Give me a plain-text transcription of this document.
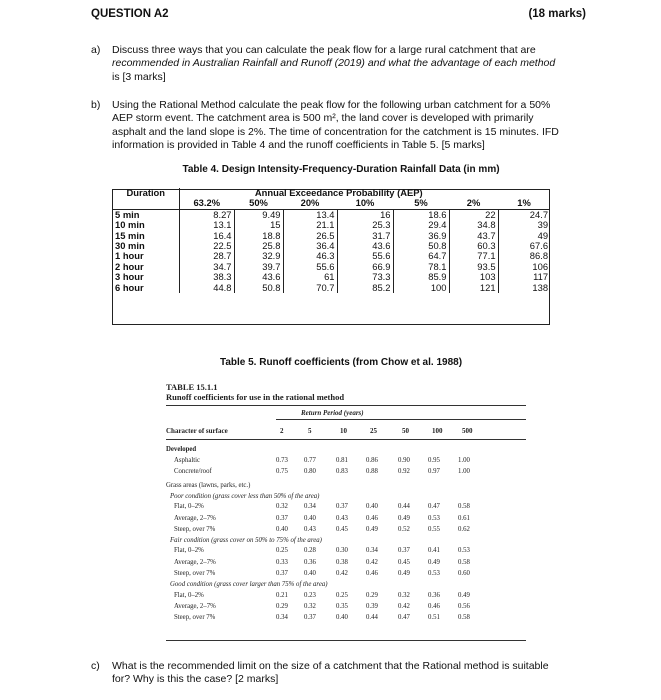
QUESTION A2	(18 marks)
a) Discuss three ways that you can calculate the peak flow for a large rural catchment that are
recommended in Australian Rainfall and Runoff (2019) and what the advantage of each method
is [3 marks]
b) Using the Rational Method calculate the peak flow for the following urban catchment for a 50%
AEP storm event. The catchment area is 500 m², the land cover is developed with primarily
asphalt and the land slope is 2%. The time of concentration for the catchment is 15 minutes. IFD
information is provided in Table 4 and the runoff coefficients in Table 5. [5 marks]
Table 4. Design Intensity-Frequency-Duration Rainfall Data (in mm)
Duration	Annual Exceedance Probability (AEP)						
	63.2%	50%	20%	10%	5%	2%	1%
5 min	8.27	9.49	13.4	16	18.6	22	24.7
10 min	13.1	15	21.1	25.3	29.4	34.8	39
15 min	16.4	18.8	26.5	31.7	36.9	43.7	49
30 min	22.5	25.8	36.4	43.6	50.8	60.3	67.6
1 hour	28.7	32.9	46.3	55.6	64.7	77.1	86.8
2 hour	34.7	39.7	55.6	66.9	78.1	93.5	106
3 hour	38.3	43.6	61	73.3	85.9	103	117
6 hour	44.8	50.8	70.7	85.2	100	121	138
Table 5. Runoff coefficients (from Chow et al. 1988)
TABLE 15.1.1
Runoff coefficients for use in the rational method
Return Period (years)
Character of surface	2	5	10	25	50	100	500
Developed
Asphaltic	0.73 0.77	0.81	0.86	0.90	0.95	1.00
Concrete/roof	0.75 0.80	0.83	0.88	0.92	0.97	1.00
Grass areas (lawns, parks, etc.)
Poor condition (grass cover less than 50% of the area)
Flat, 0–2%	0.32 0.34	0.37	0.40	0.44	0.47	0.58
Average, 2–7%	0.37 0.40	0.43	0.46	0.49	0.53	0.61
Steep, over 7%	0.40 0.43	0.45	0.49	0.52	0.55	0.62
Fair condition (grass cover on 50% to 75% of the area)
Flat, 0–2%	0.25 0.28	0.30	0.34	0.37	0.41	0.53
Average, 2–7%	0.33 0.36	0.38	0.42	0.45	0.49	0.58
Steep, over 7%	0.37 0.40	0.42	0.46	0.49	0.53	0.60
Good condition (grass cover larger than 75% of the area)
Flat, 0–2%	0.21 0.23	0.25	0.29	0.32	0.36	0.49
Average, 2–7%	0.29 0.32	0.35	0.39	0.42	0.46	0.56
Steep, over 7%	0.34 0.37	0.40	0.44	0.47	0.51	0.58
c) What is the recommended limit on the size of a catchment that the Rational method is suitable
for? Why is this the case? [2 marks]
